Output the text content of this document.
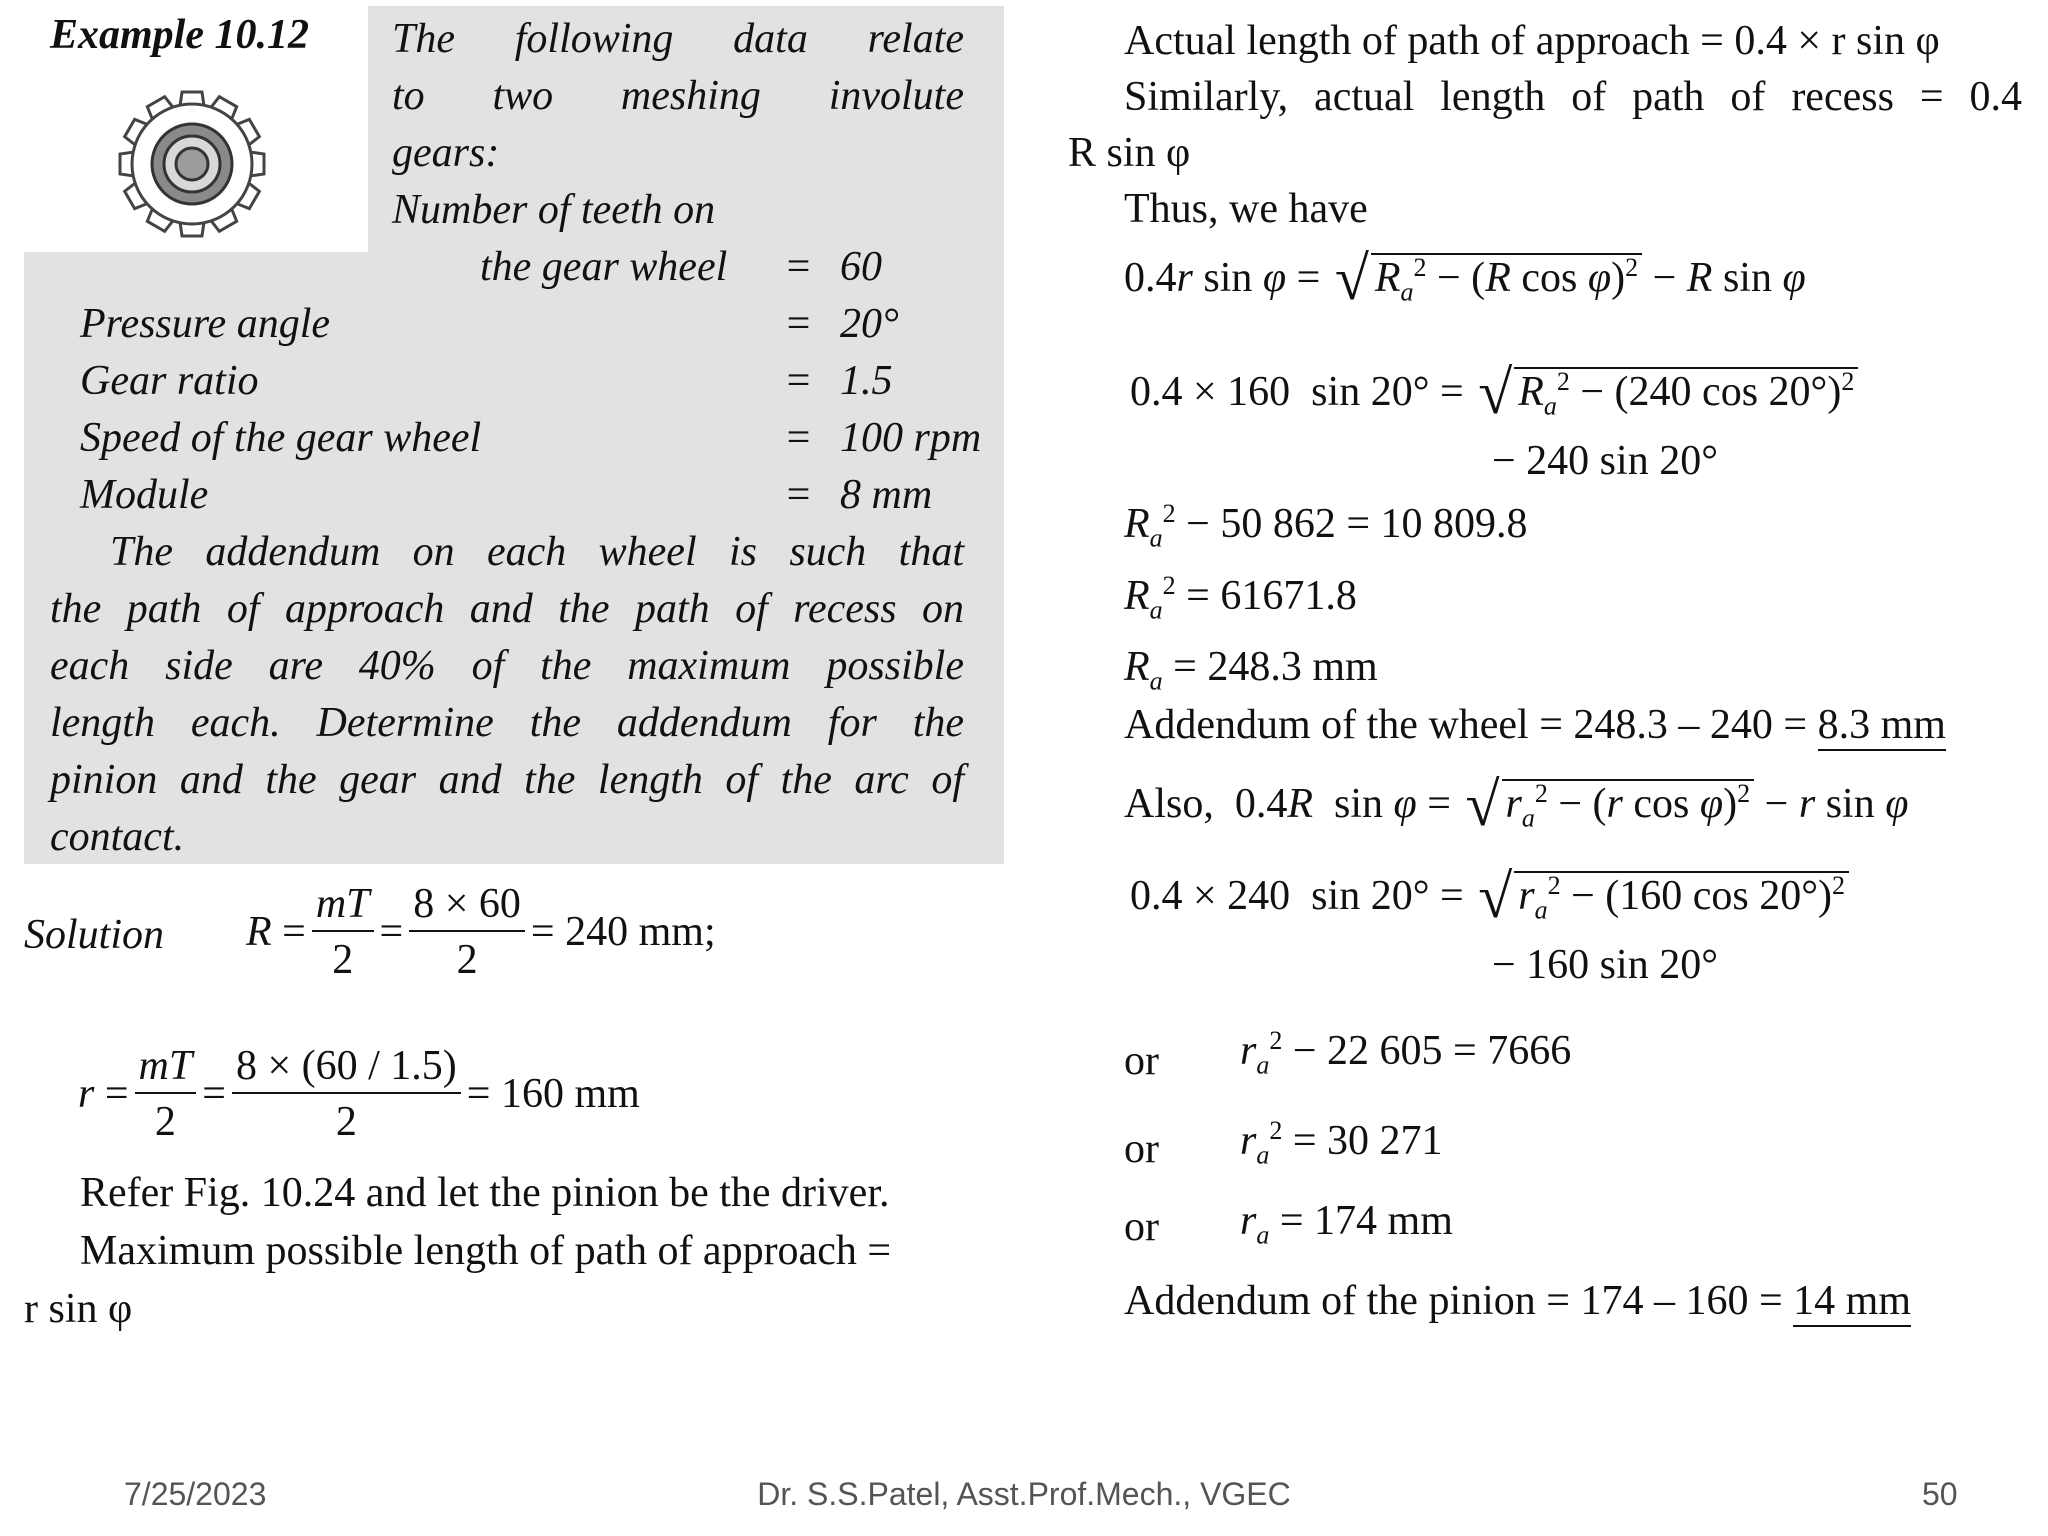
Example 10.12 The following data relate
to two meshing involute
gears:
Number of teeth on
the gear wheel = 60
Pressure angle	= 20°
Gear ratio	= 1.5
Speed of the gear wheel	= 100 rpm
Module	= 8 mm
The addendum on each wheel is such that
the path of approach and the path of recess on
each side are 40% of the maximum possible
length each. Determine the addendum for the
pinion and the gear and the length of the arc of
contact.
Solution $R = \frac{mT}{2} = \frac{8 \times 60}{2} = 240$ mm;
$r = \frac{mT}{2} = \frac{8 \times (60 / 1.5)}{2} = 160$ mm
Refer Fig. 10.24 and let the pinion be the driver.
Maximum possible length of path of approach =
r sin φ
Actual length of path of approach = 0.4 × r sin φ
Similarly, actual length of path of recess = 0.4
R sin φ
Thus, we have
0.4r sin φ = √ $R_a^2 - (R$ cos φ)$^2$ − R sin φ
0.4 × 160  sin 20° = √ $R_a^2 - (240$ cos 20°)$^2$
− 240 sin 20°
$R_a^2 - 50$ 862 = 10 809.8
$R_a^2 = 61671.8$
$R_a = 248.3$ mm
Addendum of the wheel = 248.3 – 240 = 8.3 mm
Also,  0.4R  sin φ = √ $r_a^2 - (r$ cos φ)$^2$ − r sin φ
0.4 × 240  sin 20° = √ $r_a^2 - (160$ cos 20°)$^2$
− 160 sin 20°
or $r_a^2 - 22$ 605 = 7666
or $r_a^2 = 30$ 271
or $r_a = 174$ mm
Addendum of the pinion = 174 – 160 = 14 mm
7/25/2023	Dr. S.S.Patel, Asst.Prof.Mech., VGEC	50
